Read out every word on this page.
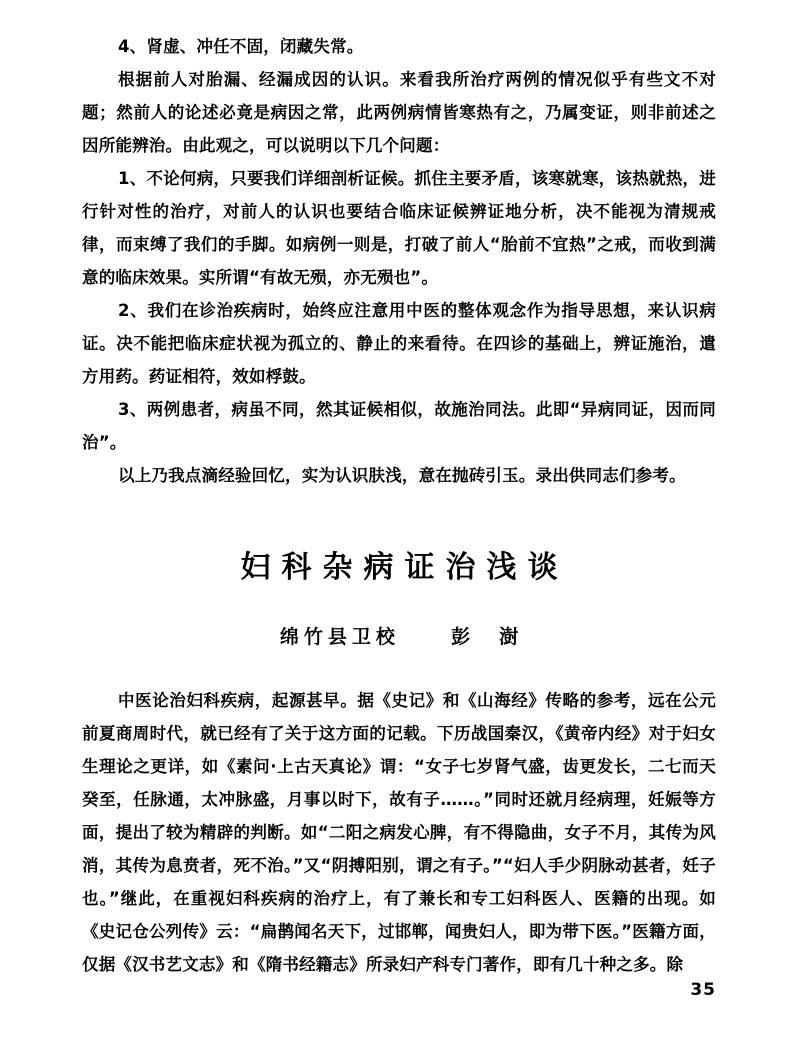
4、肾虚、冲任不固，闭藏失常。

根据前人对胎漏、经漏成因的认识。来看我所治疗两例的情况似乎有些文不对题；然前人的论述必竟是病因之常，此两例病情皆寒热有之，乃属变证，则非前述之因所能辨治。由此观之，可以说明以下几个问题：

1、不论何病，只要我们详细剖析证候。抓住主要矛盾，该寒就寒，该热就热，进行针对性的治疗，对前人的认识也要结合临床证候辨证地分析，决不能视为清规戒律，而束缚了我们的手脚。如病例一则是，打破了前人“胎前不宜热”之戒，而收到满意的临床效果。实所谓“有故无殒，亦无殒也”。

2、我们在诊治疾病时，始终应注意用中医的整体观念作为指导思想，来认识病证。决不能把临床症状视为孤立的、静止的来看待。在四诊的基础上，辨证施治，遣方用药。药证相符，效如桴鼓。

3、两例患者，病虽不同，然其证候相似，故施治同法。此即“异病同证，因而同治”。

以上乃我点滴经验回忆，实为认识肤浅，意在抛砖引玉。录出供同志们参考。

妇科杂病证治浅谈
绵竹县卫校	彭　澍

中医论治妇科疾病，起源甚早。据《史记》和《山海经》传略的参考，远在公元前夏商周时代，就已经有了关于这方面的记载。下历战国秦汉，《黄帝内经》对于妇女生理论之更详，如《素问·上古天真论》谓：“女子七岁肾气盛，齿更发长，二七而天癸至，任脉通，太冲脉盛，月事以时下，故有子……。”同时还就月经病理，妊娠等方面，提出了较为精辟的判断。如“二阳之病发心脾，有不得隐曲，女子不月，其传为风消，其传为息贲者，死不治。”又“阴搏阳别，谓之有子。”“妇人手少阴脉动甚者，妊子也。”继此，在重视妇科疾病的治疗上，有了兼长和专工妇科医人、医籍的出现。如《史记仓公列传》云：“扁鹊闻名天下，过邯郸，闻贵妇人，即为带下医。”医籍方面，仅据《汉书艺文志》和《隋书经籍志》所录妇产科专门著作，即有几十种之多。除

35
